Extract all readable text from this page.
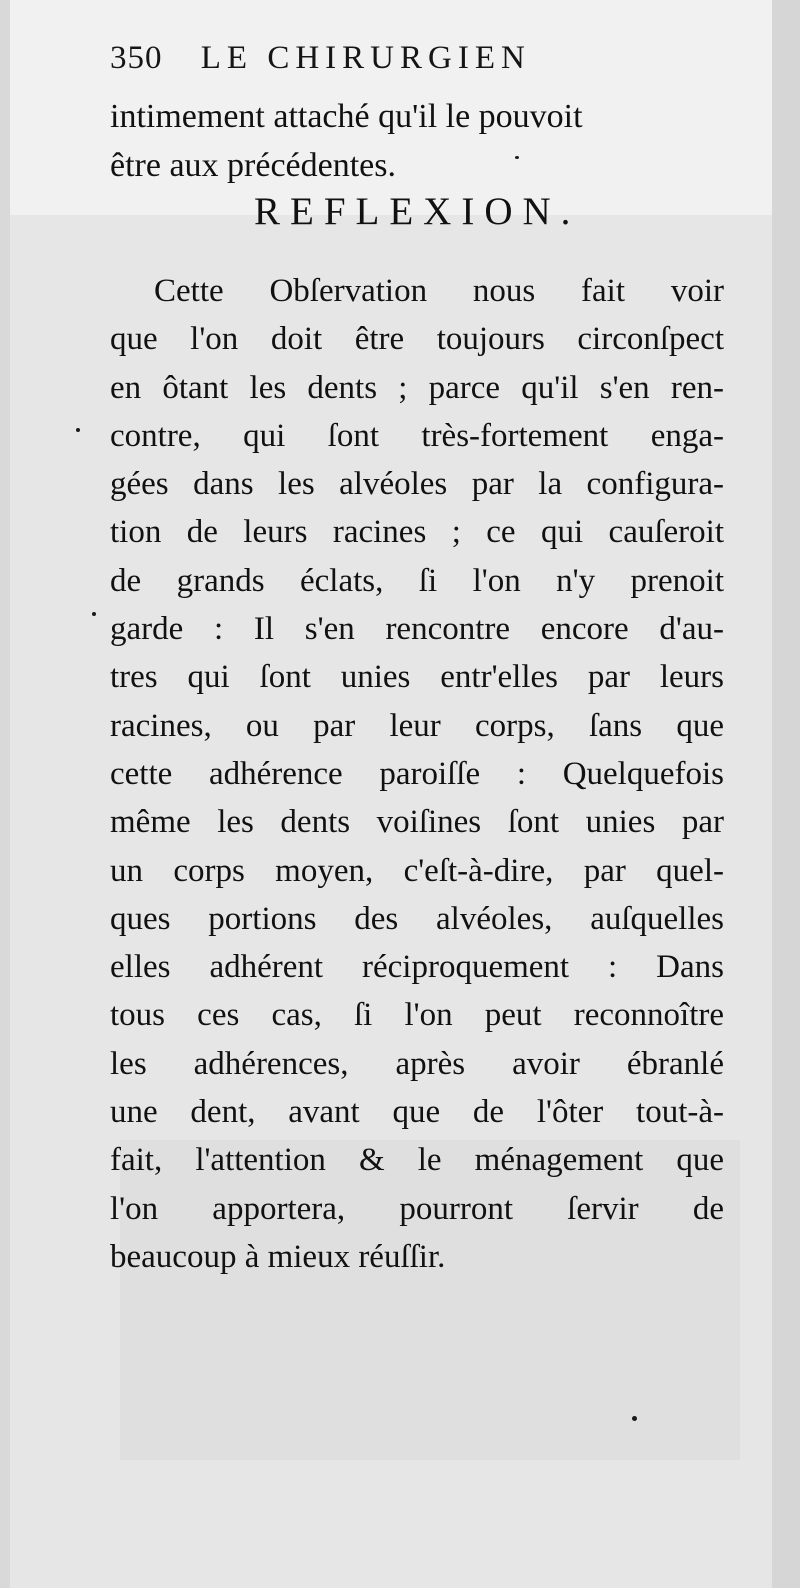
350 LE CHIRURGIEN
intimement attaché qu'il le pouvoit
être aux précédentes.
REFLEXION.
Cette Obſervation nous fait voir
que l'on doit être toujours circonſpect
en ôtant les dents ; parce qu'il s'en ren-
contre, qui ſont très-fortement enga-
gées dans les alvéoles par la configura-
tion de leurs racines ; ce qui cauſeroit
de grands éclats, ſi l'on n'y prenoit
garde : Il s'en rencontre encore d'au-
tres qui ſont unies entr'elles par leurs
racines, ou par leur corps, ſans que
cette adhérence paroiſſe : Quelquefois
même les dents voiſines ſont unies par
un corps moyen, c'eſt-à-dire, par quel-
ques portions des alvéoles, auſquelles
elles adhérent réciproquement : Dans
tous ces cas, ſi l'on peut reconnoître
les adhérences, après avoir ébranlé
une dent, avant que de l'ôter tout-à-
fait, l'attention & le ménagement que
l'on apportera, pourront ſervir de
beaucoup à mieux réuſſir.
